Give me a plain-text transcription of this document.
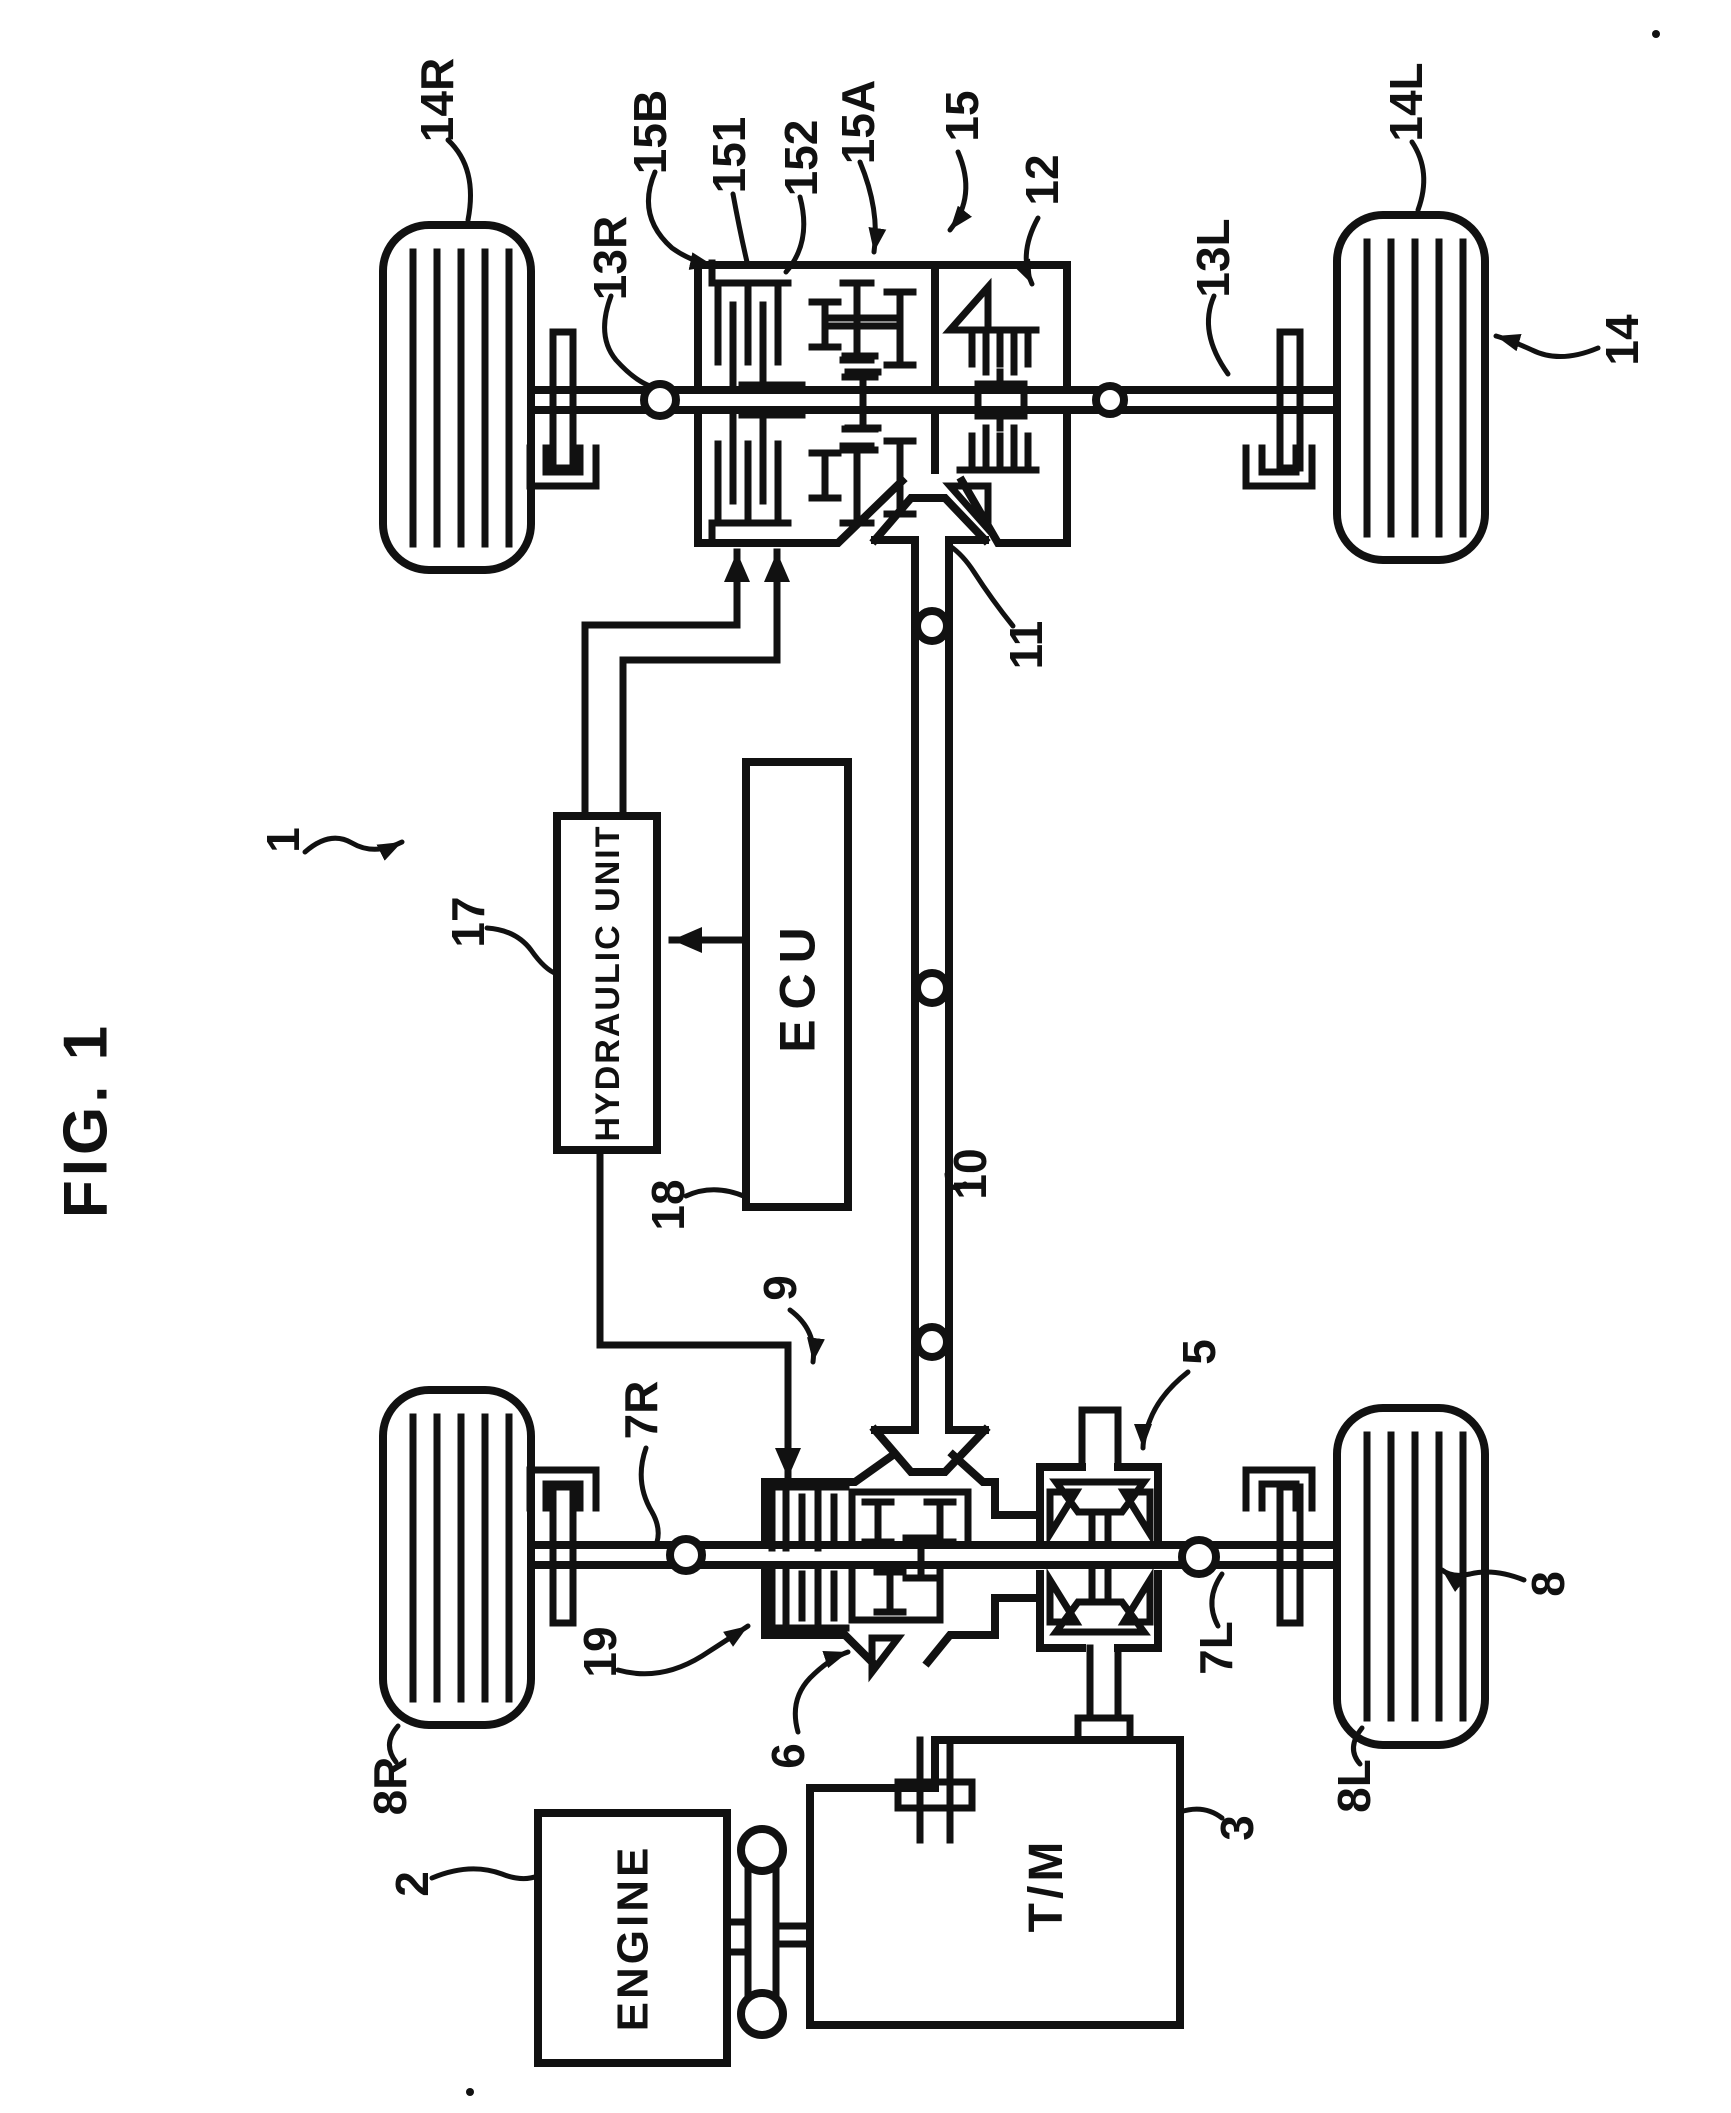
T/M
ENGINE
HYDRAULIC UNIT	ECU
FIG. 1
1
14R
13R
15B 151 152 15A 15
12
13L
14L
14
17
18
9
10
11
19
6
5
7R
7L
8R	8L
8
2
3
